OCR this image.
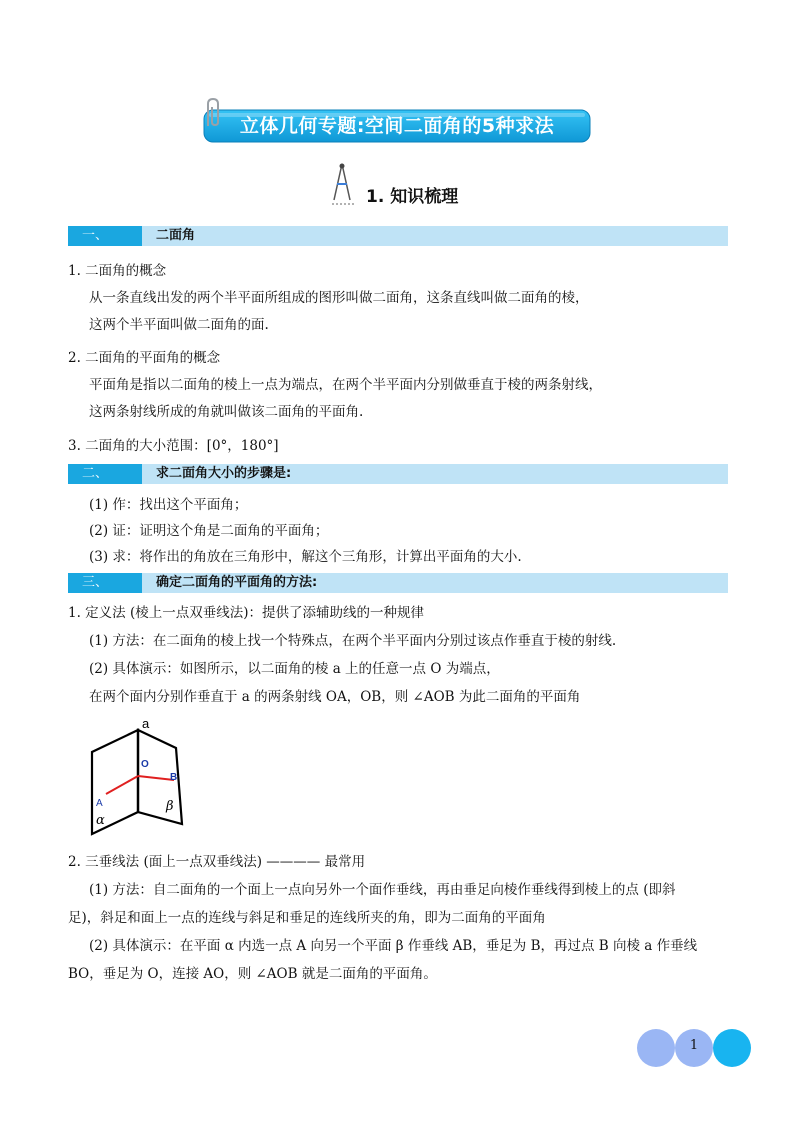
立体几何专题:空间二面角的5种求法
1. 知识梳理
一、	二面角
1. 二面角的概念
从一条直线出发的两个半平面所组成的图形叫做二面角，这条直线叫做二面角的棱，
这两个半平面叫做二面角的面.
2. 二面角的平面角的概念
平面角是指以二面角的棱上一点为端点，在两个半平面内分别做垂直于棱的两条射线，
这两条射线所成的角就叫做该二面角的平面角.
3. 二面角的大小范围：[0°，180°]
二、	求二面角大小的步骤是:
(1) 作：找出这个平面角；
(2) 证：证明这个角是二面角的平面角；
(3) 求：将作出的角放在三角形中，解这个三角形，计算出平面角的大小.
三、	确定二面角的平面角的方法:
1. 定义法 (棱上一点双垂线法)：提供了添辅助线的一种规律
(1) 方法：在二面角的棱上找一个特殊点，在两个半平面内分别过该点作垂直于棱的射线.
(2) 具体演示：如图所示，以二面角的棱 a 上的任意一点 O 为端点，
在两个面内分别作垂直于 a 的两条射线 OA，OB，则 ∠AOB 为此二面角的平面角
a
O
A
B
α
β
2. 三垂线法 (面上一点双垂线法) ———— 最常用
(1) 方法：自二面角的一个面上一点向另外一个面作垂线，再由垂足向棱作垂线得到棱上的点 (即斜
足)，斜足和面上一点的连线与斜足和垂足的连线所夹的角，即为二面角的平面角
(2) 具体演示：在平面 α 内选一点 A 向另一个平面 β 作垂线 AB，垂足为 B，再过点 B 向棱 a 作垂线
BO，垂足为 O，连接 AO，则 ∠AOB 就是二面角的平面角。
1
